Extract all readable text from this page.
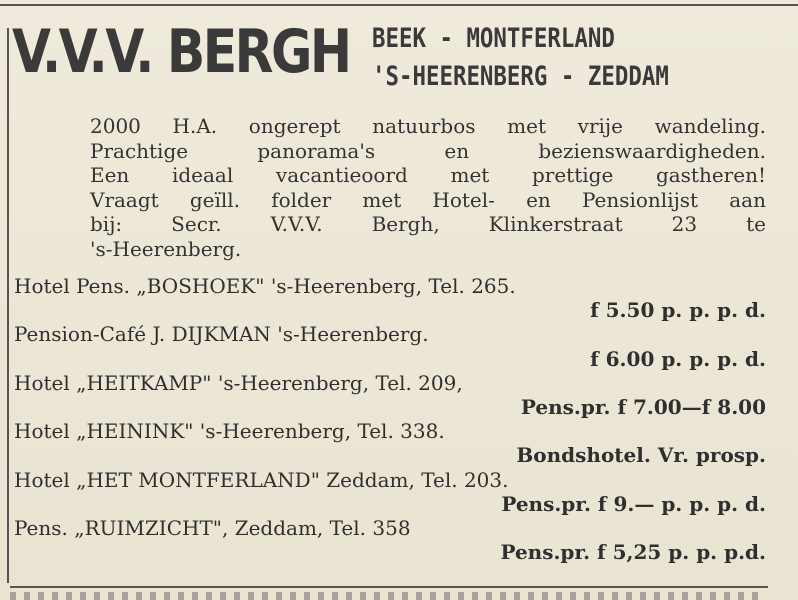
V.V.V. BERGH BEEK - MONTFERLAND
'S-HEERENBERG - ZEDDAM
2000 H.A. ongerept natuurbos met vrije wandeling.
Prachtige panorama's en bezienswaardigheden.
Een ideaal vacantieoord met prettige gastheren!
Vraagt geïll. folder met Hotel- en Pensionlijst aan
bij: Secr. V.V.V. Bergh, Klinkerstraat 23 te
's-Heerenberg.
Hotel Pens. „BOSHOEK" 's-Heerenberg, Tel. 265.
f 5.50 p. p. p. d.
Pension-Café J. DIJKMAN 's-Heerenberg.
f 6.00 p. p. p. d.
Hotel „HEITKAMP" 's-Heerenberg, Tel. 209,
Pens.pr. f 7.00—f 8.00
Hotel „HEININK" 's-Heerenberg, Tel. 338.
Bondshotel. Vr. prosp.
Hotel „HET MONTFERLAND" Zeddam, Tel. 203.
Pens.pr. f 9.— p. p. p. d.
Pens. „RUIMZICHT", Zeddam, Tel. 358
Pens.pr. f 5,25 p. p. p.d.
